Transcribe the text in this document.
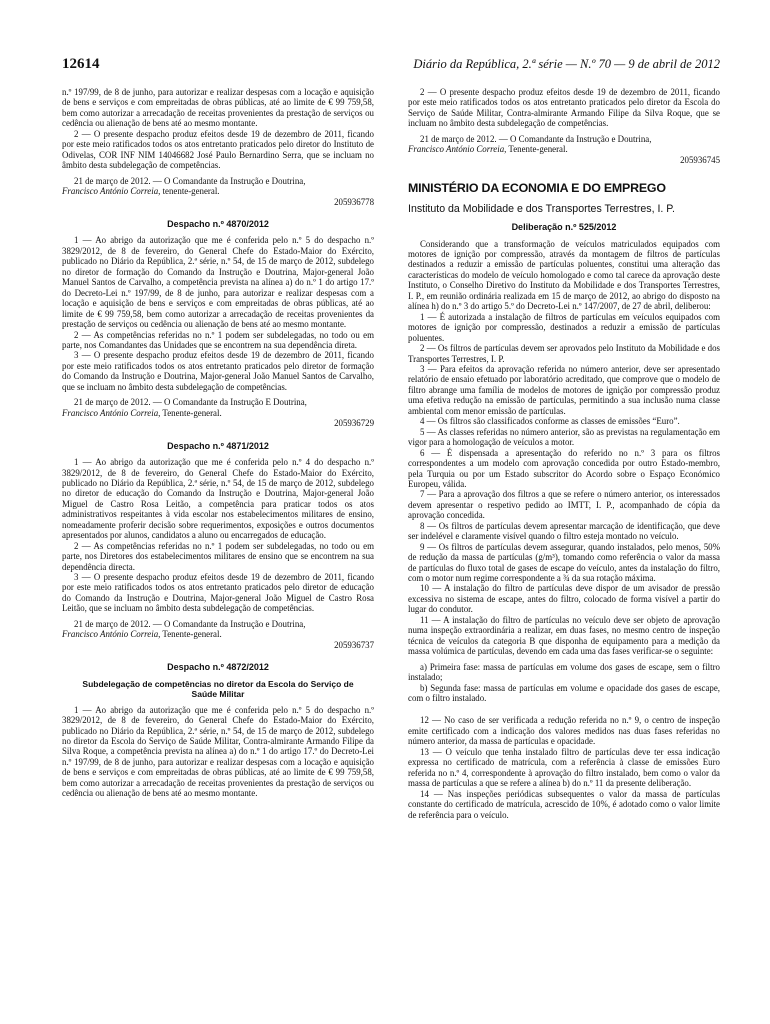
12614	Diário da República, 2.ª série — N.º 70 — 9 de abril de 2012

n.º 197/99, de 8 de junho, para autorizar e realizar despesas com a locação e aquisição de bens e serviços e com empreitadas de obras públicas, até ao limite de € 99 759,58, bem como autorizar a arrecadação de receitas provenientes da prestação de serviços ou cedência ou alienação de bens até ao mesmo montante.

2 — O presente despacho produz efeitos desde 19 de dezembro de 2011, ficando por este meio ratificados todos os atos entretanto praticados pelo diretor do Instituto de Odivelas, COR INF NIM 14046682 José Paulo Bernardino Serra, que se incluam no âmbito desta subdelegação de competências.

21 de março de 2012. — O Comandante da Instrução e Doutrina,
Francisco António Correia, tenente-general.

205936778

Despacho n.º 4870/2012

1 — Ao abrigo da autorização que me é conferida pelo n.º 5 do despacho n.º 3829/2012, de 8 de fevereiro, do General Chefe do Estado-Maior do Exército, publicado no Diário da República, 2.ª série, n.º 54, de 15 de março de 2012, subdelego no diretor de formação do Comando da Instrução e Doutrina, Major-general João Manuel Santos de Carvalho, a competência prevista na alínea a) do n.º 1 do artigo 17.º do Decreto-Lei n.º 197/99, de 8 de junho, para autorizar e realizar despesas com a locação e aquisição de bens e serviços e com empreitadas de obras públicas, até ao limite de € 99 759,58, bem como autorizar a arrecadação de receitas provenientes da prestação de serviços ou cedência ou alienação de bens até ao mesmo montante.

2 — As competências referidas no n.º 1 podem ser subdelegadas, no todo ou em parte, nos Comandantes das Unidades que se encontrem na sua dependência direta.

3 — O presente despacho produz efeitos desde 19 de dezembro de 2011, ficando por este meio ratificados todos os atos entretanto praticados pelo diretor de formação do Comando da Instrução e Doutrina, Major-general João Manuel Santos de Carvalho, que se incluam no âmbito desta subdelegação de competências.

21 de março de 2012. — O Comandante da Instrução E Doutrina,
Francisco António Correia, Tenente-general.

205936729

Despacho n.º 4871/2012

1 — Ao abrigo da autorização que me é conferida pelo n.º 4 do despacho n.º 3829/2012, de 8 de fevereiro, do General Chefe do Estado-Maior do Exército, publicado no Diário da República, 2.ª série, n.º 54, de 15 de março de 2012, subdelego no diretor de educação do Comando da Instrução e Doutrina, Major-general João Miguel de Castro Rosa Leitão, a competência para praticar todos os atos administrativos respeitantes à vida escolar nos estabelecimentos militares de ensino, nomeadamente proferir decisão sobre requerimentos, exposições e outros documentos apresentados por alunos, candidatos a aluno ou encarregados de educação.

2 — As competências referidas no n.º 1 podem ser subdelegadas, no todo ou em parte, nos Diretores dos estabelecimentos militares de ensino que se encontrem na sua dependência directa.

3 — O presente despacho produz efeitos desde 19 de dezembro de 2011, ficando por este meio ratificados todos os atos entretanto praticados pelo diretor de educação do Comando da Instrução e Doutrina, Major-general João Miguel de Castro Rosa Leitão, que se incluam no âmbito desta subdelegação de competências.

21 de março de 2012. — O Comandante da Instrução e Doutrina,
Francisco António Correia, Tenente-general.

205936737

Despacho n.º 4872/2012
Subdelegação de competências no diretor da Escola do Serviço de Saúde Militar

1 — Ao abrigo da autorização que me é conferida pelo n.º 5 do despacho n.º 3829/2012, de 8 de fevereiro, do General Chefe do Estado-Maior do Exército, publicado no Diário da República, 2.ª série, n.º 54, de 15 de março de 2012, subdelego no diretor da Escola do Serviço de Saúde Militar, Contra-almirante Armando Filipe da Silva Roque, a competência prevista na alínea a) do n.º 1 do artigo 17.º do Decreto-Lei n.º 197/99, de 8 de junho, para autorizar e realizar despesas com a locação e aquisição de bens e serviços e com empreitadas de obras públicas, até ao limite de € 99 759,58, bem como autorizar a arrecadação de receitas provenientes da prestação de serviços ou cedência ou alienação de bens até ao mesmo montante.

2 — O presente despacho produz efeitos desde 19 de dezembro de 2011, ficando por este meio ratificados todos os atos entretanto praticados pelo diretor da Escola do Serviço de Saúde Militar, Contra-almirante Armando Filipe da Silva Roque, que se incluam no âmbito desta subdelegação de competências.

21 de março de 2012. — O Comandante da Instrução e Doutrina,
Francisco António Correia, Tenente-general.

205936745

MINISTÉRIO DA ECONOMIA E DO EMPREGO
Instituto da Mobilidade e dos Transportes Terrestres, I. P.
Deliberação n.º 525/2012

Considerando que a transformação de veículos matriculados equipados com motores de ignição por compressão, através da montagem de filtros de partículas destinados a reduzir a emissão de partículas poluentes, constitui uma alteração das características do modelo de veículo homologado e como tal carece da aprovação deste Instituto, o Conselho Diretivo do Instituto da Mobilidade e dos Transportes Terrestres, I. P., em reunião ordinária realizada em 15 de março de 2012, ao abrigo do disposto na alínea h) do n.º 3 do artigo 5.º do Decreto-Lei n.º 147/2007, de 27 de abril, deliberou:

1 — É autorizada a instalação de filtros de partículas em veículos equipados com motores de ignição por compressão, destinados a reduzir a emissão de partículas poluentes.

2 — Os filtros de partículas devem ser aprovados pelo Instituto da Mobilidade e dos Transportes Terrestres, I. P.

3 — Para efeitos da aprovação referida no número anterior, deve ser apresentado relatório de ensaio efetuado por laboratório acreditado, que comprove que o modelo de filtro abrange uma família de modelos de motores de ignição por compressão produz uma efetiva redução na emissão de partículas, permitindo a sua inclusão numa classe ambiental com menor emissão de partículas.

4 — Os filtros são classificados conforme as classes de emissões “Euro”.

5 — As classes referidas no número anterior, são as previstas na regulamentação em vigor para a homologação de veículos a motor.

6 — É dispensada a apresentação do referido no n.º 3 para os filtros correspondentes a um modelo com aprovação concedida por outro Estado-membro, pela Turquia ou por um Estado subscritor do Acordo sobre o Espaço Económico Europeu, válida.

7 — Para a aprovação dos filtros a que se refere o número anterior, os interessados devem apresentar o respetivo pedido ao IMTT, I. P., acompanhado de cópia da aprovação concedida.

8 — Os filtros de partículas devem apresentar marcação de identificação, que deve ser indelével e claramente visível quando o filtro esteja montado no veículo.

9 — Os filtros de partículas devem assegurar, quando instalados, pelo menos, 50% de redução da massa de partículas (g/m³), tomando como referência o valor da massa de partículas do fluxo total de gases de escape do veículo, antes da instalação do filtro, com o motor num regime correspondente a ¾ da sua rotação máxima.

10 — A instalação do filtro de partículas deve dispor de um avisador de pressão excessiva no sistema de escape, antes do filtro, colocado de forma visível a partir do lugar do condutor.

11 — A instalação do filtro de partículas no veículo deve ser objeto de aprovação numa inspeção extraordinária a realizar, em duas fases, no mesmo centro de inspeção técnica de veículos da categoria B que disponha de equipamento para a medição da massa volúmica de partículas, devendo em cada uma das fases verificar-se o seguinte:

a) Primeira fase: massa de partículas em volume dos gases de escape, sem o filtro instalado;

b) Segunda fase: massa de partículas em volume e opacidade dos gases de escape, com o filtro instalado.

12 — No caso de ser verificada a redução referida no n.º 9, o centro de inspeção emite certificado com a indicação dos valores medidos nas duas fases referidas no número anterior, da massa de partículas e opacidade.

13 — O veículo que tenha instalado filtro de partículas deve ter essa indicação expressa no certificado de matrícula, com a referência à classe de emissões Euro referida no n.º 4, correspondente à aprovação do filtro instalado, bem como o valor da massa de partículas a que se refere a alínea b) do n.º 11 da presente deliberação.

14 — Nas inspeções periódicas subsequentes o valor da massa de partículas constante do certificado de matrícula, acrescido de 10%, é adotado como o valor limite de referência para o veículo.
